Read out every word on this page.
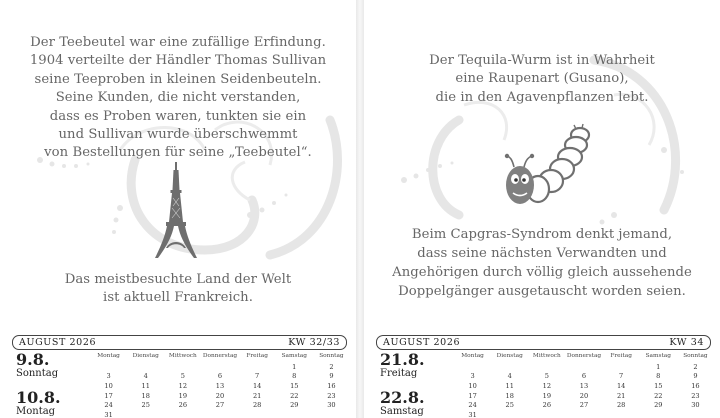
Der Teebeutel war eine zufällige Erfindung.
1904 verteilte der Händler Thomas Sullivan
seine Teeproben in kleinen Seidenbeuteln.
Seine Kunden, die nicht verstanden,
dass es Proben waren, tunkten sie ein
und Sullivan wurde überschwemmt
von Bestellungen für seine „Teebeutel“.
Das meistbesuchte Land der Welt
ist aktuell Frankreich.
AUGUST 2026	KW 32/33
9.8.
Sonntag
10.8.
Montag
Montag	Dienstag	Mittwoch	Donnerstag	Freitag	Samstag	Sonntag
					1	2
3	4	5	6	7	8	9
10	11	12	13	14	15	16
17	18	19	20	21	22	23
24	25	26	27	28	29	30
31						
Der Tequila-Wurm ist in Wahrheit
eine Raupenart (Gusano),
die in den Agavenpflanzen lebt.
Beim Capgras-Syndrom denkt jemand,
dass seine nächsten Verwandten und
Angehörigen durch völlig gleich aussehende
Doppelgänger ausgetauscht worden seien.
AUGUST 2026	KW 34
21.8.
Freitag
22.8.
Samstag
Montag	Dienstag	Mittwoch	Donnerstag	Freitag	Samstag	Sonntag
					1	2
3	4	5	6	7	8	9
10	11	12	13	14	15	16
17	18	19	20	21	22	23
24	25	26	27	28	29	30
31						
